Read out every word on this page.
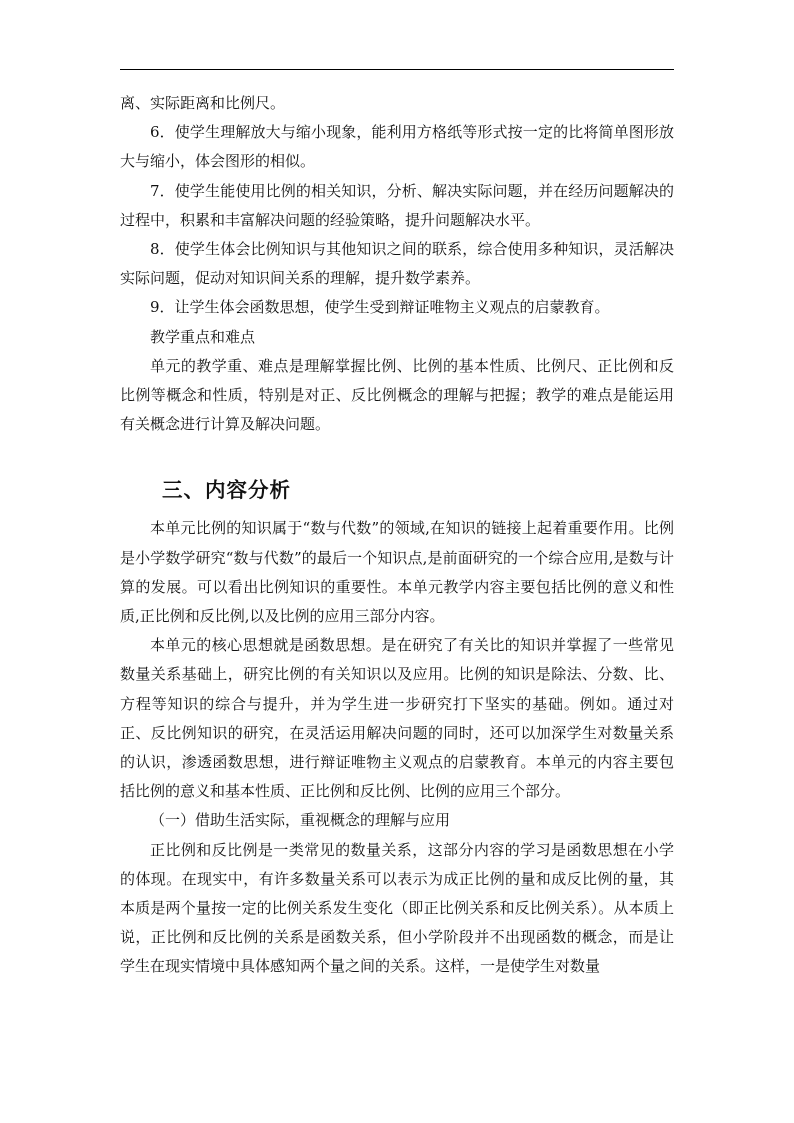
离、实际距离和比例尺。

6．使学生理解放大与缩小现象，能利用方格纸等形式按一定的比将简单图形放大与缩小，体会图形的相似。

7．使学生能使用比例的相关知识，分析、解决实际问题，并在经历问题解决的过程中，积累和丰富解决问题的经验策略，提升问题解决水平。

8．使学生体会比例知识与其他知识之间的联系，综合使用多种知识，灵活解决实际问题，促动对知识间关系的理解，提升数学素养。

9．让学生体会函数思想，使学生受到辩证唯物主义观点的启蒙教育。

教学重点和难点

单元的教学重、难点是理解掌握比例、比例的基本性质、比例尺、正比例和反比例等概念和性质，特别是对正、反比例概念的理解与把握；教学的难点是能运用有关概念进行计算及解决问题。

三、内容分析

本单元比例的知识属于“数与代数”的领域,在知识的链接上起着重要作用。比例是小学数学研究“数与代数”的最后一个知识点,是前面研究的一个综合应用,是数与计算的发展。可以看出比例知识的重要性。本单元教学内容主要包括比例的意义和性质,正比例和反比例,以及比例的应用三部分内容。

本单元的核心思想就是函数思想。是在研究了有关比的知识并掌握了一些常见数量关系基础上，研究比例的有关知识以及应用。比例的知识是除法、分数、比、方程等知识的综合与提升，并为学生进一步研究打下坚实的基础。例如。通过对正、反比例知识的研究，在灵活运用解决问题的同时，还可以加深学生对数量关系的认识，渗透函数思想，进行辩证唯物主义观点的启蒙教育。本单元的内容主要包括比例的意义和基本性质、正比例和反比例、比例的应用三个部分。

（一）借助生活实际，重视概念的理解与应用

正比例和反比例是一类常见的数量关系，这部分内容的学习是函数思想在小学的体现。在现实中，有许多数量关系可以表示为成正比例的量和成反比例的量，其本质是两个量按一定的比例关系发生变化（即正比例关系和反比例关系）。从本质上说，正比例和反比例的关系是函数关系，但小学阶段并不出现函数的概念，而是让学生在现实情境中具体感知两个量之间的关系。这样，一是使学生对数量
